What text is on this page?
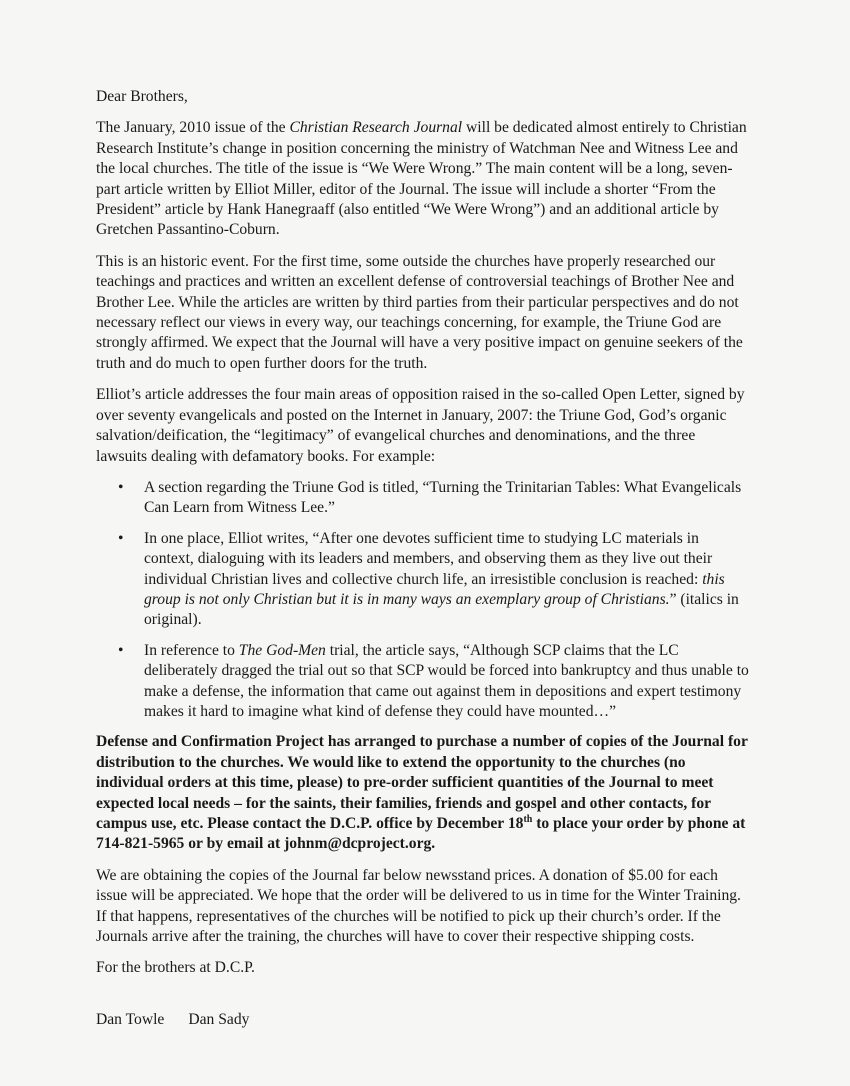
Dear Brothers,

The January, 2010 issue of the Christian Research Journal will be dedicated almost entirely to Christian Research Institute’s change in position concerning the ministry of Watchman Nee and Witness Lee and the local churches. The title of the issue is “We Were Wrong.” The main content will be a long, seven-part article written by Elliot Miller, editor of the Journal. The issue will include a shorter “From the President” article by Hank Hanegraaff (also entitled “We Were Wrong”) and an additional article by Gretchen Passantino-Coburn.

This is an historic event. For the first time, some outside the churches have properly researched our teachings and practices and written an excellent defense of controversial teachings of Brother Nee and Brother Lee. While the articles are written by third parties from their particular perspectives and do not necessary reflect our views in every way, our teachings concerning, for example, the Triune God are strongly affirmed. We expect that the Journal will have a very positive impact on genuine seekers of the truth and do much to open further doors for the truth.

Elliot’s article addresses the four main areas of opposition raised in the so-called Open Letter, signed by over seventy evangelicals and posted on the Internet in January, 2007: the Triune God, God’s organic salvation/deification, the “legitimacy” of evangelical churches and denominations, and the three lawsuits dealing with defamatory books. For example:

• A section regarding the Triune God is titled, “Turning the Trinitarian Tables: What Evangelicals Can Learn from Witness Lee.”
• In one place, Elliot writes, “After one devotes sufficient time to studying LC materials in context, dialoguing with its leaders and members, and observing them as they live out their individual Christian lives and collective church life, an irresistible conclusion is reached: this group is not only Christian but it is in many ways an exemplary group of Christians.” (italics in original).
• In reference to The God-Men trial, the article says, “Although SCP claims that the LC deliberately dragged the trial out so that SCP would be forced into bankruptcy and thus unable to make a defense, the information that came out against them in depositions and expert testimony makes it hard to imagine what kind of defense they could have mounted…”

Defense and Confirmation Project has arranged to purchase a number of copies of the Journal for distribution to the churches. We would like to extend the opportunity to the churches (no individual orders at this time, please) to pre-order sufficient quantities of the Journal to meet expected local needs – for the saints, their families, friends and gospel and other contacts, for campus use, etc. Please contact the D.C.P. office by December 18th to place your order by phone at 714-821-5965 or by email at johnm@dcproject.org.

We are obtaining the copies of the Journal far below newsstand prices. A donation of $5.00 for each issue will be appreciated. We hope that the order will be delivered to us in time for the Winter Training. If that happens, representatives of the churches will be notified to pick up their church’s order. If the Journals arrive after the training, the churches will have to cover their respective shipping costs.

For the brothers at D.C.P.

Dan Towle Dan Sady
